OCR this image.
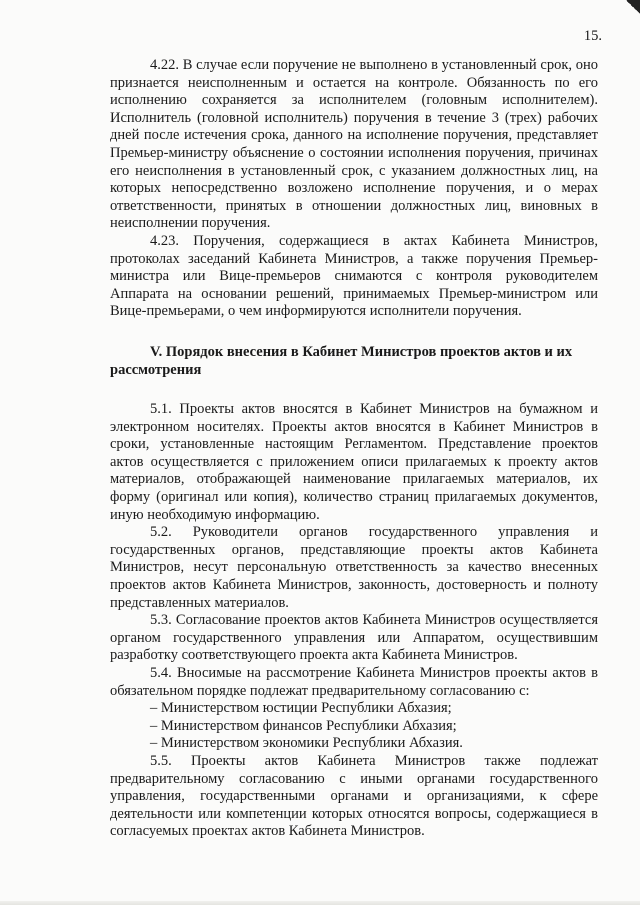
15.

4.22. В случае если поручение не выполнено в установленный срок, оно признается неисполненным и остается на контроле. Обязанность по его исполнению сохраняется за исполнителем (головным исполнителем). Исполнитель (головной исполнитель) поручения в течение 3 (трех) рабочих дней после истечения срока, данного на исполнение поручения, представляет Премьер-министру объяснение о состоянии исполнения поручения, причинах его неисполнения в установленный срок, с указанием должностных лиц, на которых непосредственно возложено исполнение поручения, и о мерах ответственности, принятых в отношении должностных лиц, виновных в неисполнении поручения.

4.23. Поручения, содержащиеся в актах Кабинета Министров, протоколах заседаний Кабинета Министров, а также поручения Премьер-министра или Вице-премьеров снимаются с контроля руководителем Аппарата на основании решений, принимаемых Премьер-министром или Вице-премьерами, о чем информируются исполнители поручения.

V. Порядок внесения в Кабинет Министров проектов актов и их рассмотрения

5.1. Проекты актов вносятся в Кабинет Министров на бумажном и электронном носителях. Проекты актов вносятся в Кабинет Министров в сроки, установленные настоящим Регламентом. Представление проектов актов осуществляется с приложением описи прилагаемых к проекту актов материалов, отображающей наименование прилагаемых материалов, их форму (оригинал или копия), количество страниц прилагаемых документов, иную необходимую информацию.

5.2. Руководители органов государственного управления и государственных органов, представляющие проекты актов Кабинета Министров, несут персональную ответственность за качество внесенных проектов актов Кабинета Министров, законность, достоверность и полноту представленных материалов.

5.3. Согласование проектов актов Кабинета Министров осуществляется органом государственного управления или Аппаратом, осуществившим разработку соответствующего проекта акта Кабинета Министров.

5.4. Вносимые на рассмотрение Кабинета Министров проекты актов в обязательном порядке подлежат предварительному согласованию с:

– Министерством юстиции Республики Абхазия;

– Министерством финансов Республики Абхазия;

– Министерством экономики Республики Абхазия.

5.5. Проекты актов Кабинета Министров также подлежат предварительному согласованию с иными органами государственного управления, государственными органами и организациями, к сфере деятельности или компетенции которых относятся вопросы, содержащиеся в согласуемых проектах актов Кабинета Министров.
